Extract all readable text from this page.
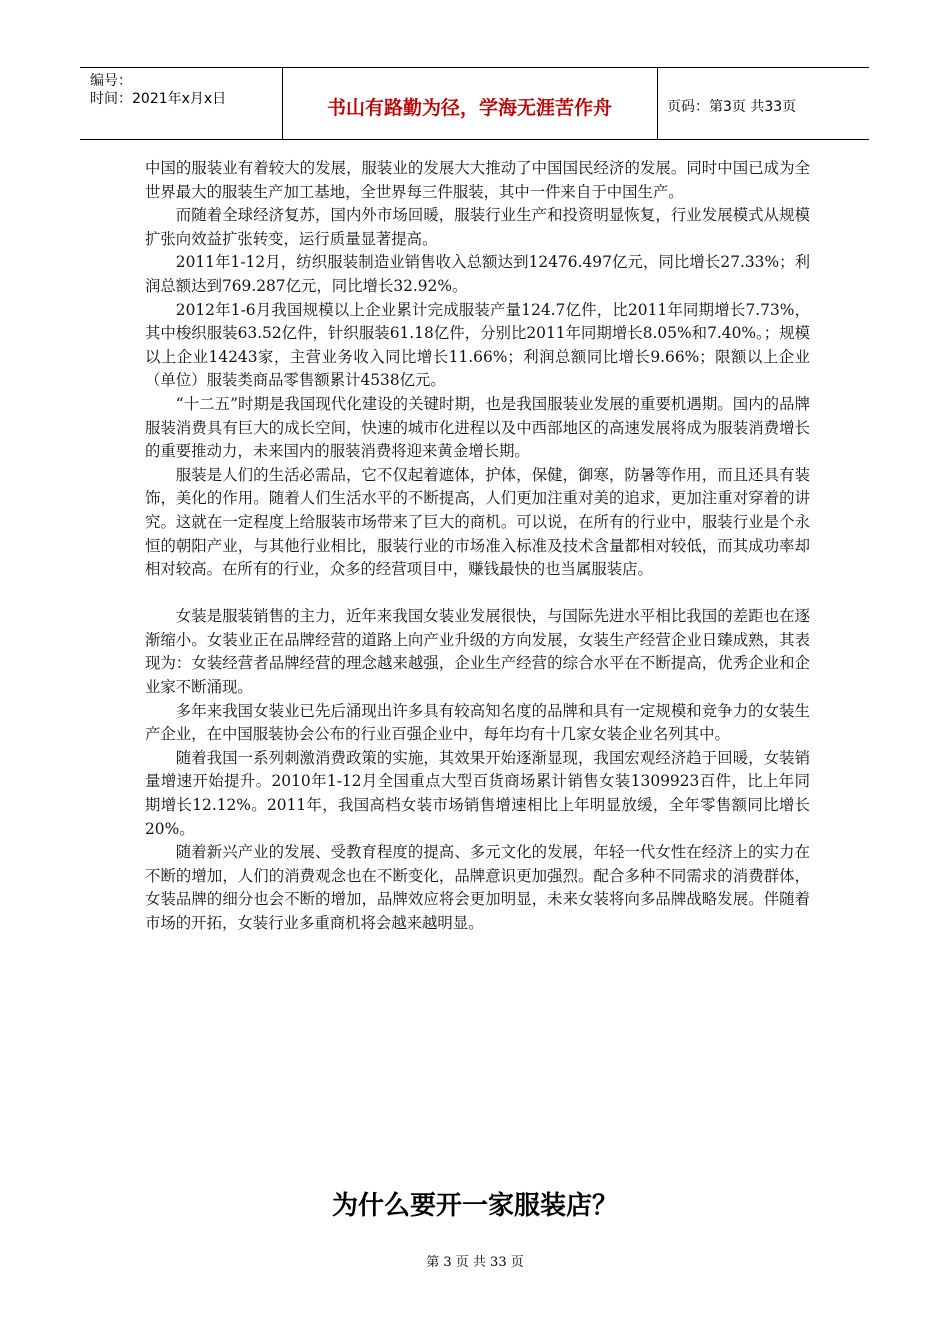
编号：
时间：2021年x月x日	书山有路勤为径，学海无涯苦作舟	页码：第3页 共33页

中国的服装业有着较大的发展，服装业的发展大大推动了中国国民经济的发展。同时中国已成为全世界最大的服装生产加工基地，全世界每三件服装，其中一件来自于中国生产。

而随着全球经济复苏，国内外市场回暖，服装行业生产和投资明显恢复，行业发展模式从规模扩张向效益扩张转变，运行质量显著提高。

2011年1-12月，纺织服装制造业销售收入总额达到12476.497亿元，同比增长27.33%；利润总额达到769.287亿元，同比增长32.92%。

2012年1-6月我国规模以上企业累计完成服装产量124.7亿件，比2011年同期增长7.73%，其中梭织服装63.52亿件，针织服装61.18亿件，分别比2011年同期增长8.05%和7.40%。；规模以上企业14243家，主营业务收入同比增长11.66%；利润总额同比增长9.66%；限额以上企业（单位）服装类商品零售额累计4538亿元。

“十二五”时期是我国现代化建设的关键时期，也是我国服装业发展的重要机遇期。国内的品牌服装消费具有巨大的成长空间，快速的城市化进程以及中西部地区的高速发展将成为服装消费增长的重要推动力，未来国内的服装消费将迎来黄金增长期。

服装是人们的生活必需品，它不仅起着遮体，护体，保健，御寒，防暑等作用，而且还具有装饰，美化的作用。随着人们生活水平的不断提高，人们更加注重对美的追求，更加注重对穿着的讲究。这就在一定程度上给服装市场带来了巨大的商机。可以说，在所有的行业中，服装行业是个永恒的朝阳产业，与其他行业相比，服装行业的市场准入标准及技术含量都相对较低，而其成功率却相对较高。在所有的行业，众多的经营项目中，赚钱最快的也当属服装店。

女装是服装销售的主力，近年来我国女装业发展很快，与国际先进水平相比我国的差距也在逐渐缩小。女装业正在品牌经营的道路上向产业升级的方向发展，女装生产经营企业日臻成熟，其表现为：女装经营者品牌经营的理念越来越强，企业生产经营的综合水平在不断提高，优秀企业和企业家不断涌现。

多年来我国女装业已先后涌现出许多具有较高知名度的品牌和具有一定规模和竞争力的女装生产企业，在中国服装协会公布的行业百强企业中，每年均有十几家女装企业名列其中。

随着我国一系列刺激消费政策的实施，其效果开始逐渐显现，我国宏观经济趋于回暖，女装销量增速开始提升。2010年1-12月全国重点大型百货商场累计销售女装1309923百件，比上年同期增长12.12%。2011年，我国高档女装市场销售增速相比上年明显放缓，全年零售额同比增长20%。

随着新兴产业的发展、受教育程度的提高、多元文化的发展，年轻一代女性在经济上的实力在不断的增加，人们的消费观念也在不断变化，品牌意识更加强烈。配合多种不同需求的消费群体，女装品牌的细分也会不断的增加，品牌效应将会更加明显，未来女装将向多品牌战略发展。伴随着市场的开拓，女装行业多重商机将会越来越明显。

为什么要开一家服装店？
第 3 页 共 33 页
